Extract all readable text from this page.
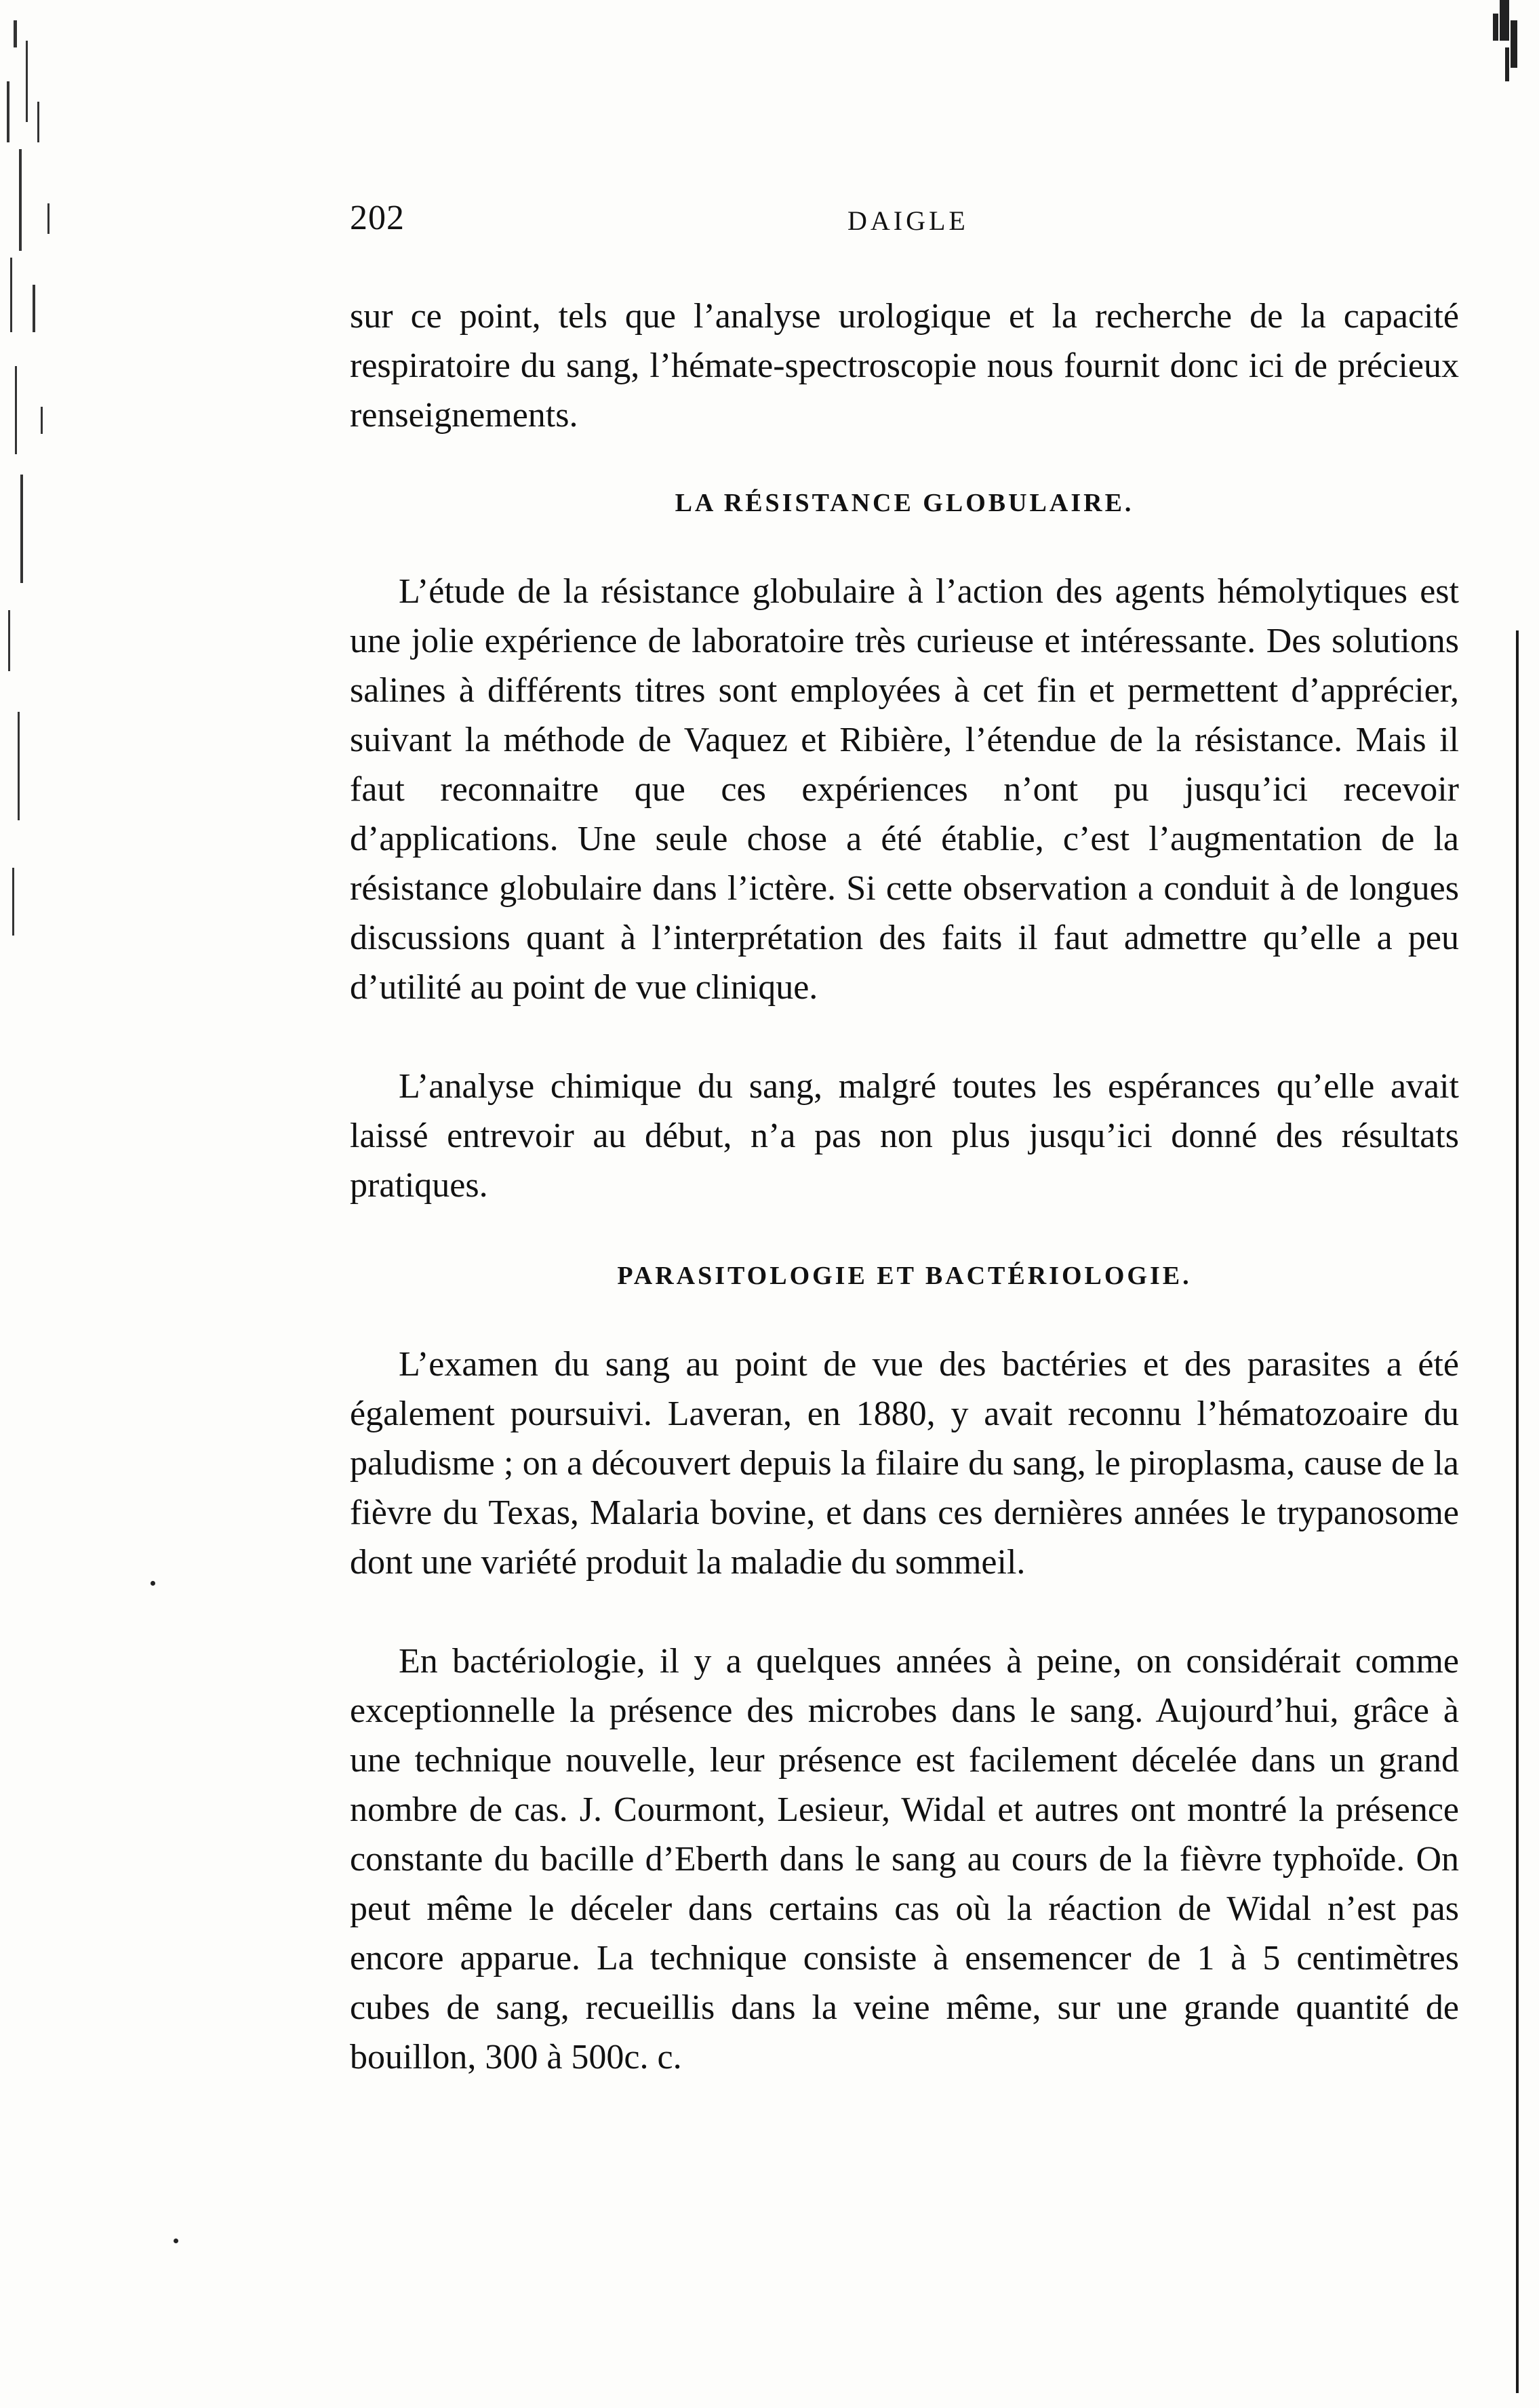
202	DAIGLE

sur ce point, tels que l’analyse urologique et la recherche de la capacité respiratoire du sang, l’hémate-spectroscopie nous fournit donc ici de précieux renseignements.

LA RÉSISTANCE GLOBULAIRE.

L’étude de la résistance globulaire à l’action des agents hémolytiques est une jolie expérience de laboratoire très curieuse et intéressante. Des solutions salines à différents titres sont employées à cet fin et permettent d’apprécier, suivant la méthode de Vaquez et Ribière, l’étendue de la résistance. Mais il faut reconnaitre que ces expériences n’ont pu jusqu’ici recevoir d’applications. Une seule chose a été établie, c’est l’augmentation de la résistance globulaire dans l’ictère. Si cette observation a conduit à de longues discussions quant à l’interprétation des faits il faut admettre qu’elle a peu d’utilité au point de vue clinique.

L’analyse chimique du sang, malgré toutes les espérances qu’elle avait laissé entrevoir au début, n’a pas non plus jusqu’ici donné des résultats pratiques.

PARASITOLOGIE ET BACTÉRIOLOGIE.

L’examen du sang au point de vue des bactéries et des parasites a été également poursuivi. Laveran, en 1880, y avait reconnu l’hématozoaire du paludisme ; on a découvert depuis la filaire du sang, le piroplasma, cause de la fièvre du Texas, Malaria bovine, et dans ces dernières années le trypanosome dont une variété produit la maladie du sommeil.

En bactériologie, il y a quelques années à peine, on considérait comme exceptionnelle la présence des microbes dans le sang. Aujourd’hui, grâce à une technique nouvelle, leur présence est facilement décelée dans un grand nombre de cas. J. Courmont, Lesieur, Widal et autres ont montré la présence constante du bacille d’Eberth dans le sang au cours de la fièvre typhoïde. On peut même le déceler dans certains cas où la réaction de Widal n’est pas encore apparue. La technique consiste à ensemencer de 1 à 5 centimètres cubes de sang, recueillis dans la veine même, sur une grande quantité de bouillon, 300 à 500c. c.
